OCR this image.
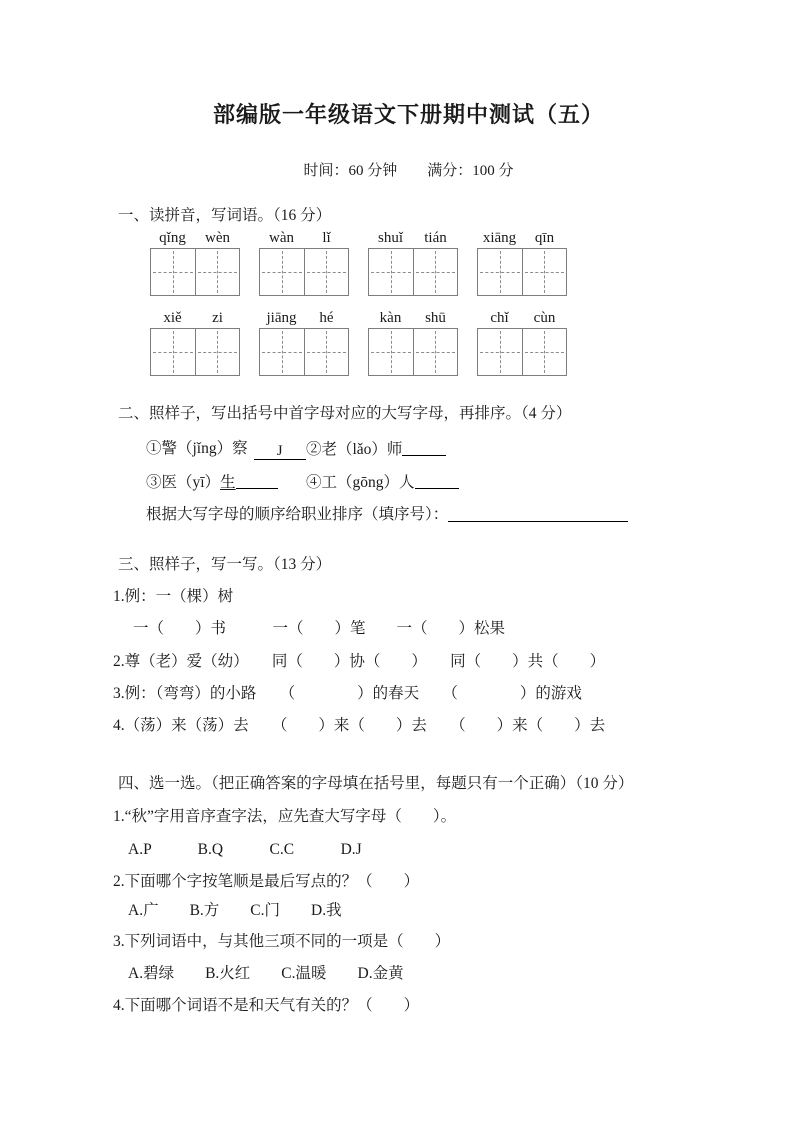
部编版一年级语文下册期中测试（五）

时间：60 分钟　　满分：100 分

一、读拼音，写词语。（16 分）

qǐng	wèn	wàn	lǐ	shuǐ	tián	xiāng	qīn
xiě	zi	jiāng	hé	kàn	shū	chǐ	cùn

二、照样子，写出括号中首字母对应的大写字母，再排序。（4 分）

①警（jǐng）察 J	②老（lǎo）师
③医（yī）生	④工（gōng）人

根据大写字母的顺序给职业排序（填序号）：

三、照样子，写一写。（13 分）

1.例：一（棵）树

一（　　）书　　　一（　　）笔　　一（　　）松果

2.尊（老）爱（幼）　　同（　　）协（　　）　　同（　　）共（　　）

3.例：（弯弯）的小路　　（　　　　）的春天　　（　　　　）的游戏

4.（荡）来（荡）去　　（　　）来（　　）去　　（　　）来（　　）去

四、选一选。（把正确答案的字母填在括号里，每题只有一个正确）（10 分）

1.“秋”字用音序查字法，应先查大写字母（　　）。

A.P　　　B.Q　　　C.C　　　D.J

2.下面哪个字按笔顺是最后写点的？（　　）

A.广　　B.方　　C.门　　D.我

3.下列词语中，与其他三项不同的一项是（　　）

A.碧绿　　B.火红　　C.温暖　　D.金黄

4.下面哪个词语不是和天气有关的？（　　）
